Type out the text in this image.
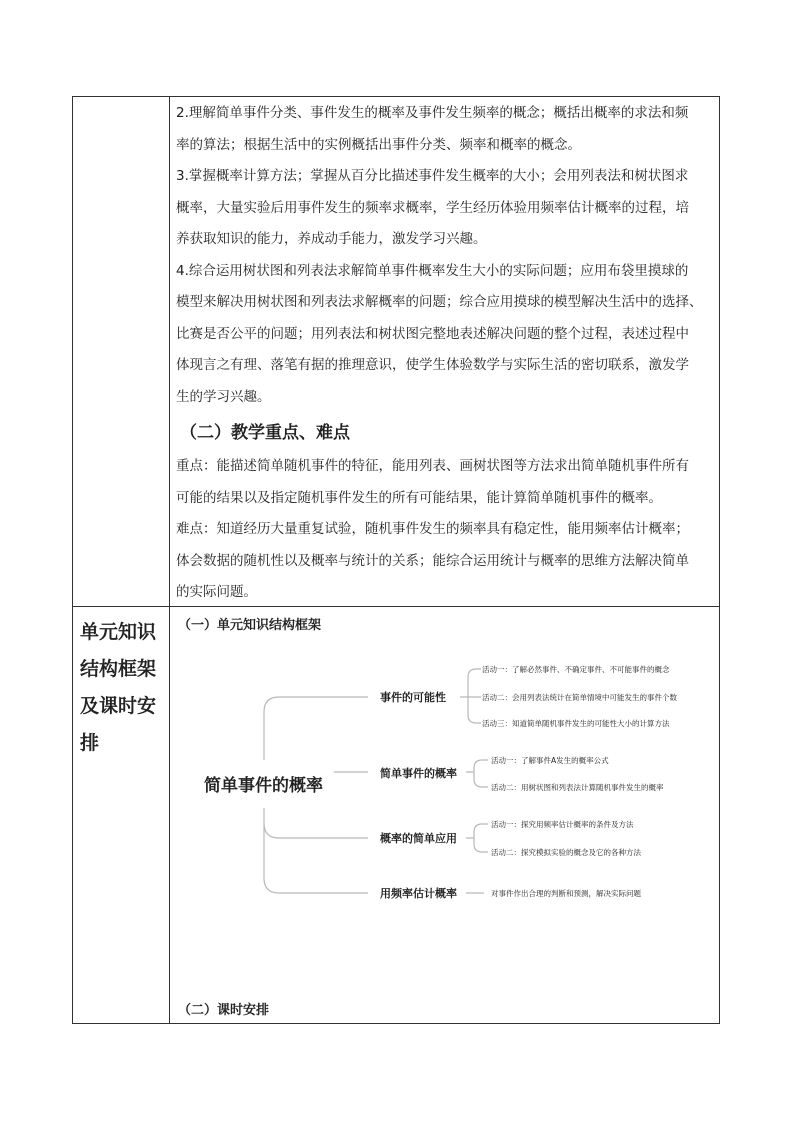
2.理解简单事件分类、事件发生的概率及事件发生频率的概念；概括出概率的求法和频

率的算法；根据生活中的实例概括出事件分类、频率和概率的概念。

3.掌握概率计算方法；掌握从百分比描述事件发生概率的大小；会用列表法和树状图求

概率，大量实验后用事件发生的频率求概率，学生经历体验用频率估计概率的过程，培

养获取知识的能力，养成动手能力，激发学习兴趣。

4.综合运用树状图和列表法求解简单事件概率发生大小的实际问题；应用布袋里摸球的

模型来解决用树状图和列表法求解概率的问题；综合应用摸球的模型解决生活中的选择、

比赛是否公平的问题；用列表法和树状图完整地表述解决问题的整个过程，表述过程中

体现言之有理、落笔有据的推理意识，使学生体验数学与实际生活的密切联系，激发学

生的学习兴趣。

（二）教学重点、难点

重点：能描述简单随机事件的特征，能用列表、画树状图等方法求出简单随机事件所有

可能的结果以及指定随机事件发生的所有可能结果，能计算简单随机事件的概率。

难点：知道经历大量重复试验，随机事件发生的频率具有稳定性，能用频率估计概率；

体会数据的随机性以及概率与统计的关系；能综合运用统计与概率的思维方法解决简单

的实际问题。

单元知识
结构框架
及课时安
排
（一）单元知识结构框架
简单事件的概率
事件的可能性
简单事件的概率
概率的简单应用
用频率估计概率
活动一：了解必然事件、不确定事件、不可能事件的概念
活动二：会用列表法统计在简单情境中可能发生的事件个数
活动三：知道简单随机事件发生的可能性大小的计算方法
活动一：了解事件A发生的概率公式
活动二：用树状图和列表法计算随机事件发生的概率
活动一：探究用频率估计概率的条件及方法
活动二：探究模拟实验的概念及它的各种方法
对事件作出合理的判断和预测，解决实际问题
（二）课时安排
